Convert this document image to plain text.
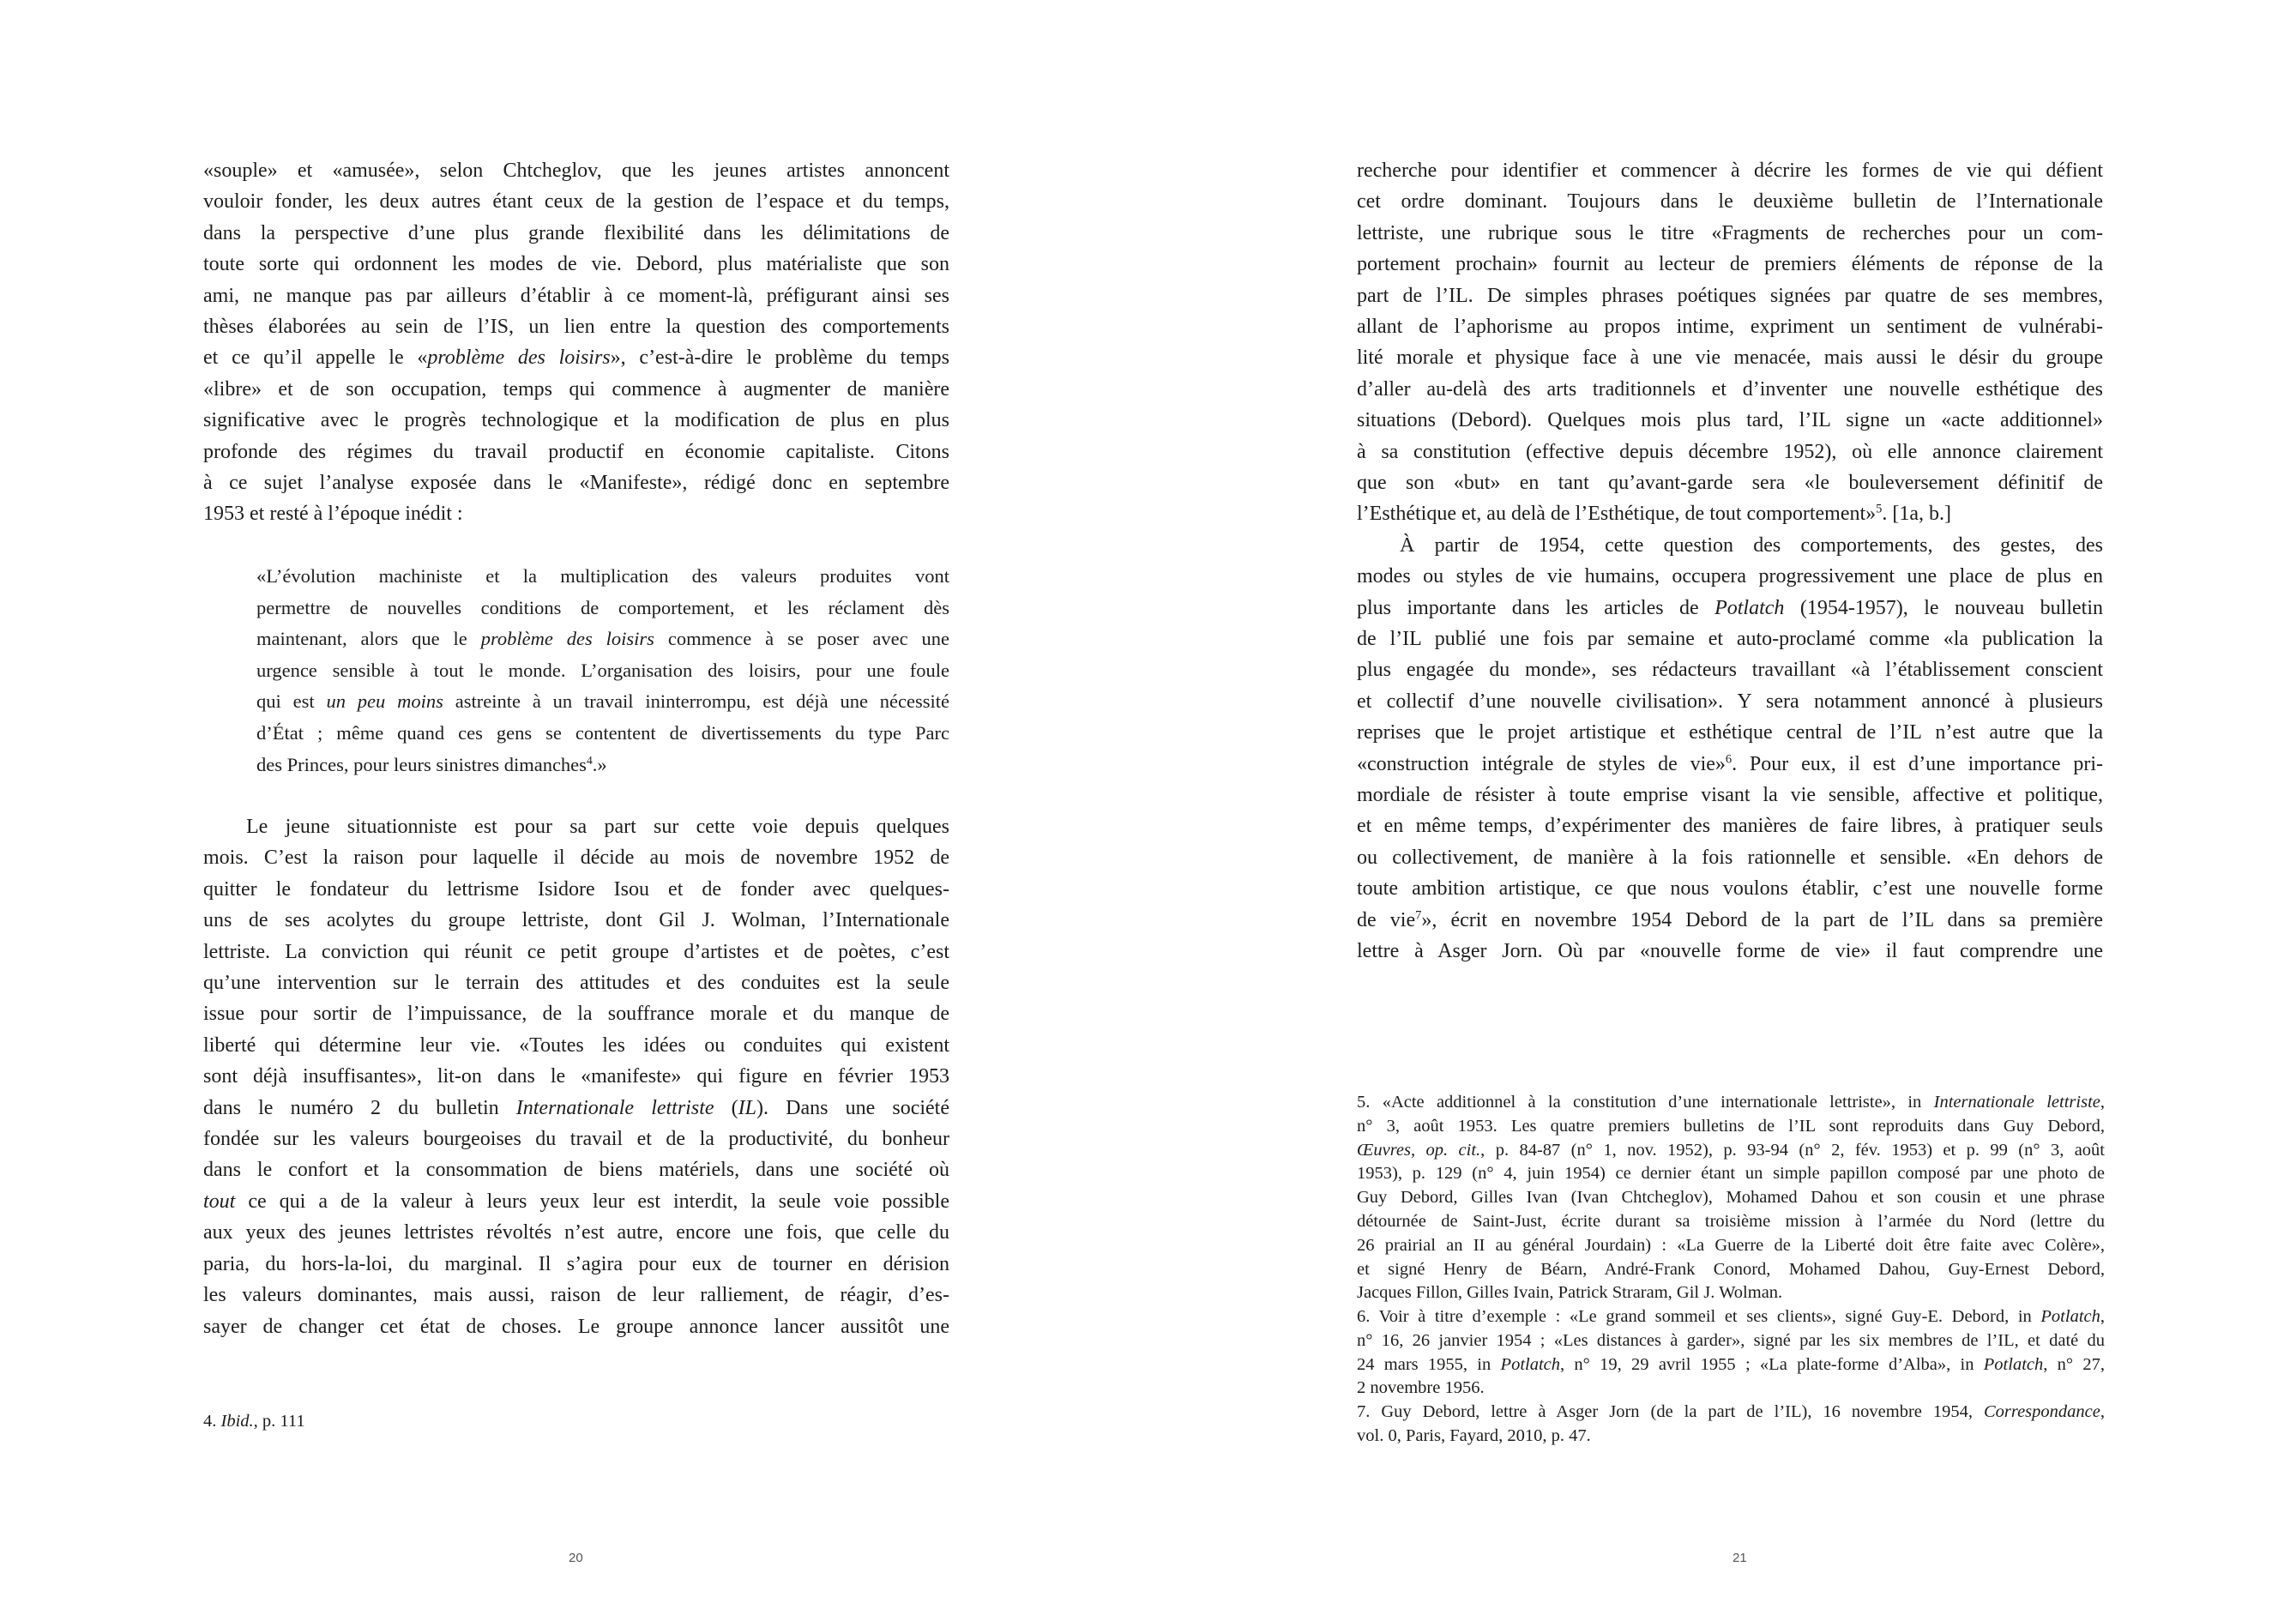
«souple» et «amusée», selon Chtcheglov, que les jeunes artistes annoncent
vouloir fonder, les deux autres étant ceux de la gestion de l’espace et du temps,
dans la perspective d’une plus grande flexibilité dans les délimitations de
toute sorte qui ordonnent les modes de vie. Debord, plus matérialiste que son
ami, ne manque pas par ailleurs d’établir à ce moment-là, préfigurant ainsi ses
thèses élaborées au sein de l’IS, un lien entre la question des comportements
et ce qu’il appelle le «problème des loisirs», c’est-à-dire le problème du temps
«libre» et de son occupation, temps qui commence à augmenter de manière
significative avec le progrès technologique et la modification de plus en plus
profonde des régimes du travail productif en économie capitaliste. Citons
à ce sujet l’analyse exposée dans le «Manifeste», rédigé donc en septembre
1953 et resté à l’époque inédit :
«L’évolution machiniste et la multiplication des valeurs produites vont
permettre de nouvelles conditions de comportement, et les réclament dès
maintenant, alors que le problème des loisirs commence à se poser avec une
urgence sensible à tout le monde. L’organisation des loisirs, pour une foule
qui est un peu moins astreinte à un travail ininterrompu, est déjà une nécessité
d’État ; même quand ces gens se contentent de divertissements du type Parc
des Princes, pour leurs sinistres dimanches$^4$.»
Le jeune situationniste est pour sa part sur cette voie depuis quelques
mois. C’est la raison pour laquelle il décide au mois de novembre 1952 de
quitter le fondateur du lettrisme Isidore Isou et de fonder avec quelques-
uns de ses acolytes du groupe lettriste, dont Gil J. Wolman, l’Internationale
lettriste. La conviction qui réunit ce petit groupe d’artistes et de poètes, c’est
qu’une intervention sur le terrain des attitudes et des conduites est la seule
issue pour sortir de l’impuissance, de la souffrance morale et du manque de
liberté qui détermine leur vie. «Toutes les idées ou conduites qui existent
sont déjà insuffisantes», lit-on dans le «manifeste» qui figure en février 1953
dans le numéro 2 du bulletin Internationale lettriste (IL). Dans une société
fondée sur les valeurs bourgeoises du travail et de la productivité, du bonheur
dans le confort et la consommation de biens matériels, dans une société où
tout ce qui a de la valeur à leurs yeux leur est interdit, la seule voie possible
aux yeux des jeunes lettristes révoltés n’est autre, encore une fois, que celle du
paria, du hors-la-loi, du marginal. Il s’agira pour eux de tourner en dérision
les valeurs dominantes, mais aussi, raison de leur ralliement, de réagir, d’es-
sayer de changer cet état de choses. Le groupe annonce lancer aussitôt une
4. Ibid., p. 111
20
recherche pour identifier et commencer à décrire les formes de vie qui défient
cet ordre dominant. Toujours dans le deuxième bulletin de l’Internationale
lettriste, une rubrique sous le titre «Fragments de recherches pour un com-
portement prochain» fournit au lecteur de premiers éléments de réponse de la
part de l’IL. De simples phrases poétiques signées par quatre de ses membres,
allant de l’aphorisme au propos intime, expriment un sentiment de vulnérabi-
lité morale et physique face à une vie menacée, mais aussi le désir du groupe
d’aller au-delà des arts traditionnels et d’inventer une nouvelle esthétique des
situations (Debord). Quelques mois plus tard, l’IL signe un «acte additionnel»
à sa constitution (effective depuis décembre 1952), où elle annonce clairement
que son «but» en tant qu’avant-garde sera «le bouleversement définitif de
l’Esthétique et, au delà de l’Esthétique, de tout comportement»$^5$. [1a, b.]
À partir de 1954, cette question des comportements, des gestes, des
modes ou styles de vie humains, occupera progressivement une place de plus en
plus importante dans les articles de Potlatch (1954-1957), le nouveau bulletin
de l’IL publié une fois par semaine et auto-proclamé comme «la publication la
plus engagée du monde», ses rédacteurs travaillant «à l’établissement conscient
et collectif d’une nouvelle civilisation». Y sera notamment annoncé à plusieurs
reprises que le projet artistique et esthétique central de l’IL n’est autre que la
«construction intégrale de styles de vie»$^6$. Pour eux, il est d’une importance pri-
mordiale de résister à toute emprise visant la vie sensible, affective et politique,
et en même temps, d’expérimenter des manières de faire libres, à pratiquer seuls
ou collectivement, de manière à la fois rationnelle et sensible. «En dehors de
toute ambition artistique, ce que nous voulons établir, c’est une nouvelle forme
de vie$^7$», écrit en novembre 1954 Debord de la part de l’IL dans sa première
lettre à Asger Jorn. Où par «nouvelle forme de vie» il faut comprendre une
5. «Acte additionnel à la constitution d’une internationale lettriste», in Internationale lettriste,
n° 3, août 1953. Les quatre premiers bulletins de l’IL sont reproduits dans Guy Debord,
Œuvres, op. cit., p. 84-87 (n° 1, nov. 1952), p. 93-94 (n° 2, fév. 1953) et p. 99 (n° 3, août
1953), p. 129 (n° 4, juin 1954) ce dernier étant un simple papillon composé par une photo de
Guy Debord, Gilles Ivan (Ivan Chtcheglov), Mohamed Dahou et son cousin et une phrase
détournée de Saint-Just, écrite durant sa troisième mission à l’armée du Nord (lettre du
26 prairial an II au général Jourdain) : «La Guerre de la Liberté doit être faite avec Colère»,
et signé Henry de Béarn, André-Frank Conord, Mohamed Dahou, Guy-Ernest Debord,
Jacques Fillon, Gilles Ivain, Patrick Straram, Gil J. Wolman.
6. Voir à titre d’exemple : «Le grand sommeil et ses clients», signé Guy-E. Debord, in Potlatch,
n° 16, 26 janvier 1954 ; «Les distances à garder», signé par les six membres de l’IL, et daté du
24 mars 1955, in Potlatch, n° 19, 29 avril 1955 ; «La plate-forme d’Alba», in Potlatch, n° 27,
2 novembre 1956.
7. Guy Debord, lettre à Asger Jorn (de la part de l’IL), 16 novembre 1954, Correspondance,
vol. 0, Paris, Fayard, 2010, p. 47.
21
